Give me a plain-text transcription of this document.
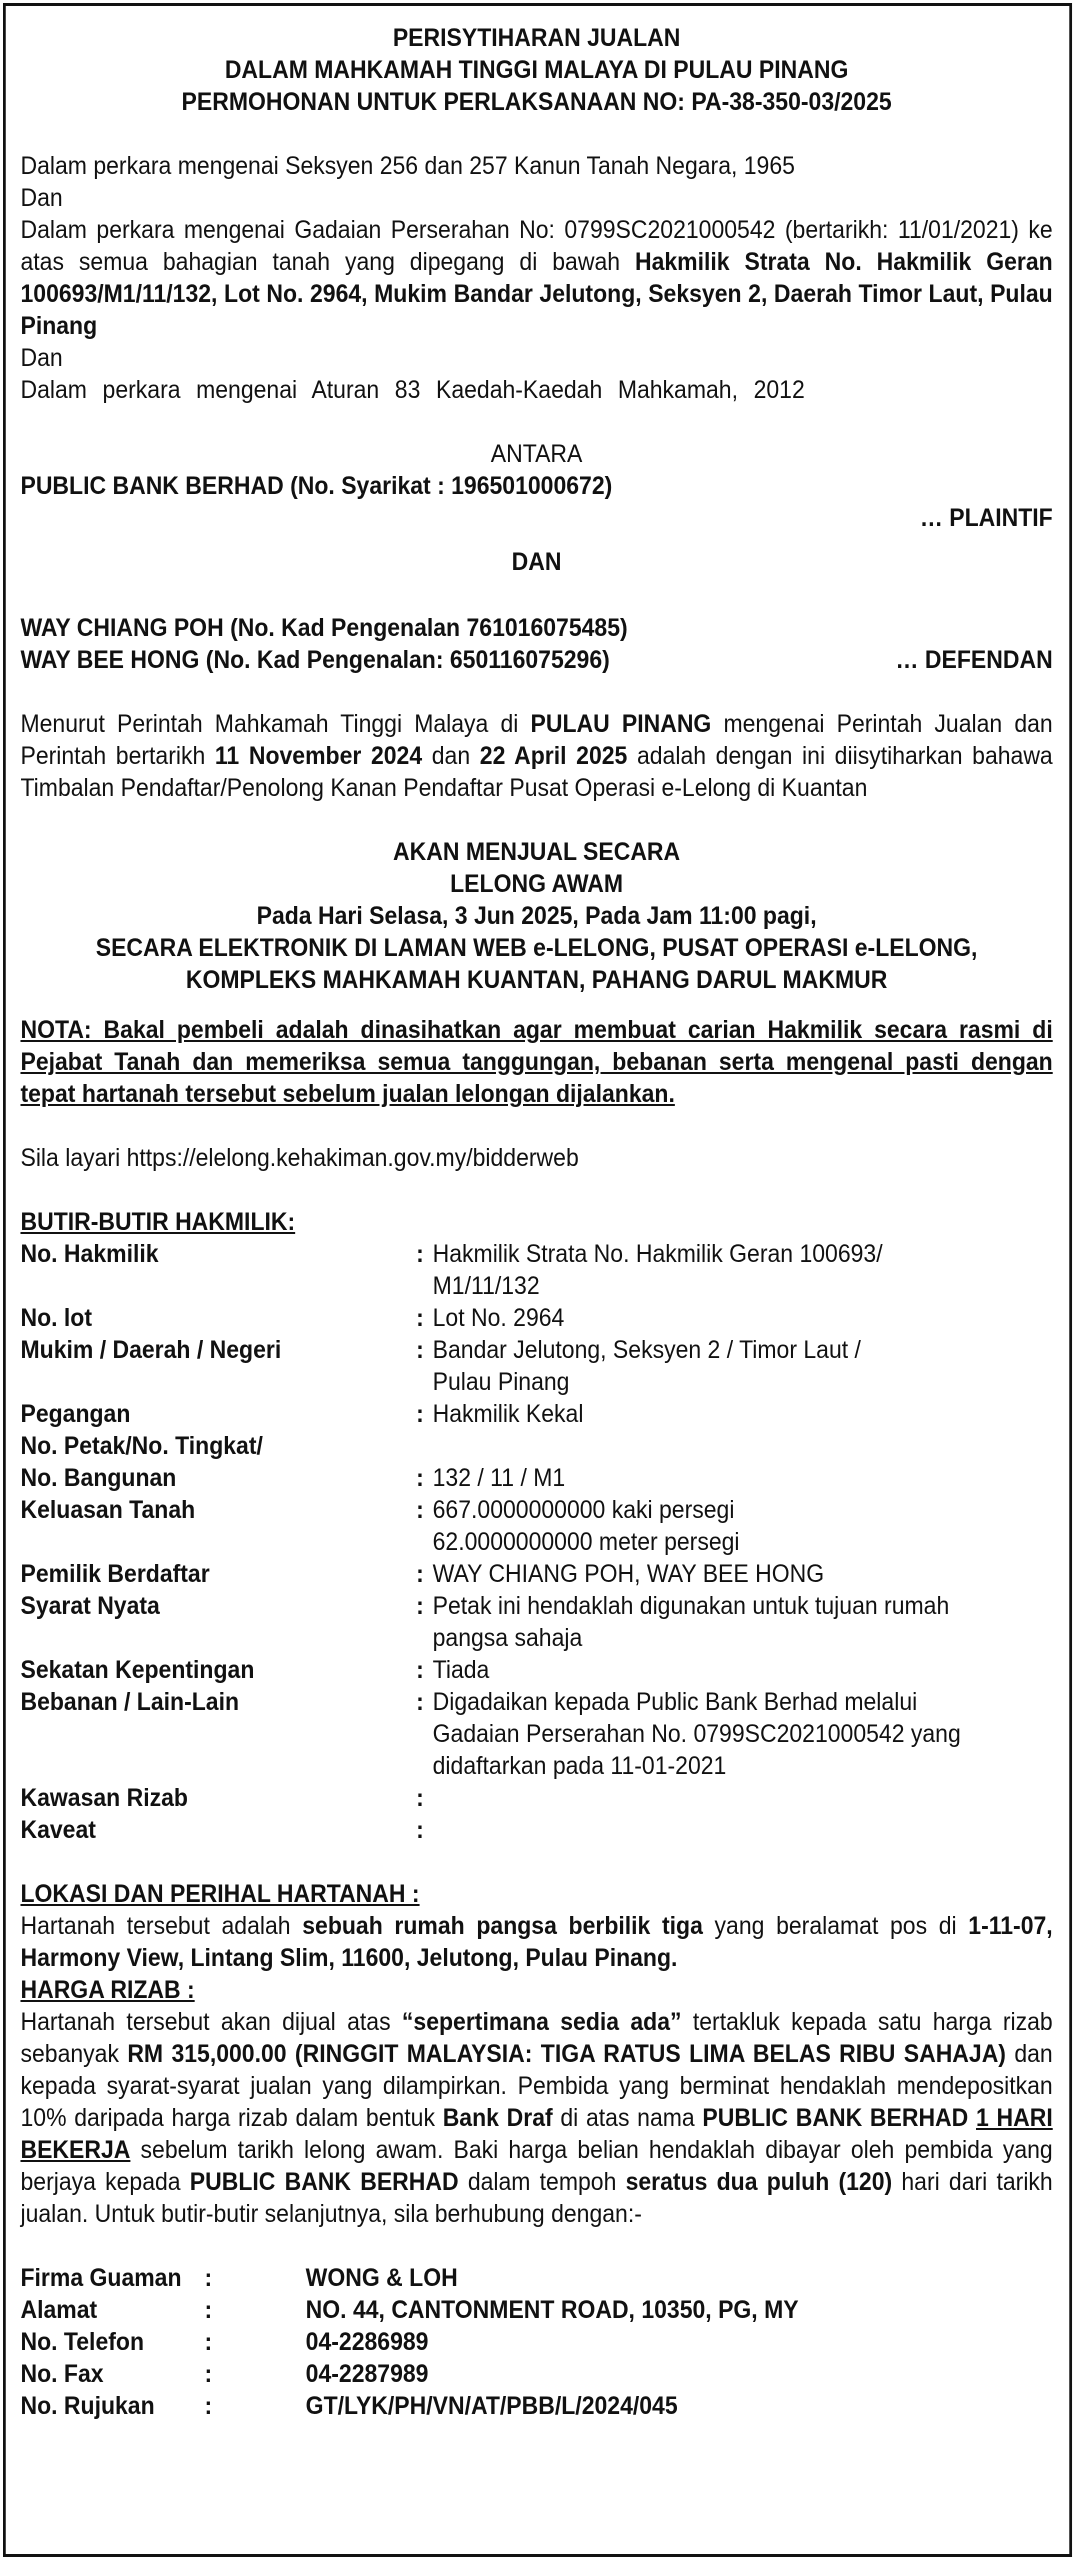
PERISYTIHARAN JUALAN
DALAM MAHKAMAH TINGGI MALAYA DI PULAU PINANG
PERMOHONAN UNTUK PERLAKSANAAN NO: PA-38-350-03/2025
Dalam perkara mengenai Seksyen 256 dan 257 Kanun Tanah Negara, 1965
Dan

Dalam perkara mengenai Gadaian Perserahan No: 0799SC2021000542 (bertarikh: 11/01/2021) ke atas semua bahagian tanah yang dipegang di bawah Hakmilik Strata No. Hakmilik Geran 100693/M1/11/132, Lot No. 2964, Mukim Bandar Jelutong, Seksyen 2, Daerah Timor Laut, Pulau Pinang

Dan
Dalam perkara mengenai Aturan 83 Kaedah-Kaedah Mahkamah, 2012
ANTARA
PUBLIC BANK BERHAD (No. Syarikat : 196501000672)
… PLAINTIF
DAN
WAY CHIANG POH (No. Kad Pengenalan 761016075485)
WAY BEE HONG (No. Kad Pengenalan: 650116075296)	… DEFENDAN

Menurut Perintah Mahkamah Tinggi Malaya di PULAU PINANG mengenai Perintah Jualan dan Perintah bertarikh 11 November 2024 dan 22 April 2025 adalah dengan ini diisytiharkan bahawa Timbalan Pendaftar/Penolong Kanan Pendaftar Pusat Operasi e-Lelong di Kuantan

AKAN MENJUAL SECARA
LELONG AWAM
Pada Hari Selasa, 3 Jun 2025, Pada Jam 11:00 pagi,
SECARA ELEKTRONIK DI LAMAN WEB e-LELONG, PUSAT OPERASI e-LELONG,
KOMPLEKS MAHKAMAH KUANTAN, PAHANG DARUL MAKMUR

NOTA: Bakal pembeli adalah dinasihatkan agar membuat carian Hakmilik secara rasmi di Pejabat Tanah dan memeriksa semua tanggungan, bebanan serta mengenal pasti dengan tepat hartanah tersebut sebelum jualan lelongan dijalankan.

Sila layari https://elelong.kehakiman.gov.my/bidderweb
BUTIR-BUTIR HAKMILIK:
No. Hakmilik	: Hakmilik Strata No. Hakmilik Geran 100693/
M1/11/132
No. lot	: Lot No. 2964
Mukim / Daerah / Negeri	: Bandar Jelutong, Seksyen 2 / Timor Laut /
Pulau Pinang
Pegangan	: Hakmilik Kekal
No. Petak/No. Tingkat/

No. Bangunan	: 132 / 11 / M1
Keluasan Tanah	: 667.0000000000 kaki persegi
62.0000000000 meter persegi
Pemilik Berdaftar	: WAY CHIANG POH, WAY BEE HONG
Syarat Nyata	: Petak ini hendaklah digunakan untuk tujuan rumah
pangsa sahaja
Sekatan Kepentingan	: Tiada
Bebanan / Lain-Lain	: Digadaikan kepada Public Bank Berhad melalui
Gadaian Perserahan No. 0799SC2021000542 yang
didaftarkan pada 11-01-2021
Kawasan Rizab	:

Kaveat	:

LOKASI DAN PERIHAL HARTANAH :

Hartanah tersebut adalah sebuah rumah pangsa berbilik tiga yang beralamat pos di 1-11-07, Harmony View, Lintang Slim, 11600, Jelutong, Pulau Pinang.

HARGA RIZAB :

Hartanah tersebut akan dijual atas “sepertimana sedia ada” tertakluk kepada satu harga rizab sebanyak RM 315,000.00 (RINGGIT MALAYSIA: TIGA RATUS LIMA BELAS RIBU SAHAJA) dan kepada syarat-syarat jualan yang dilampirkan. Pembida yang berminat hendaklah mendepositkan 10% daripada harga rizab dalam bentuk Bank Draf di atas nama PUBLIC BANK BERHAD 1 HARI BEKERJA sebelum tarikh lelong awam. Baki harga belian hendaklah dibayar oleh pembida yang berjaya kepada PUBLIC BANK BERHAD dalam tempoh seratus dua puluh (120) hari dari tarikh jualan. Untuk butir-butir selanjutnya, sila berhubung dengan:-

Firma Guaman :	WONG & LOH
Alamat	:	NO. 44, CANTONMENT ROAD, 10350, PG, MY
No. Telefon	:	04-2286989
No. Fax	:	04-2287989
No. Rujukan	:	GT/LYK/PH/VN/AT/PBB/L/2024/045
